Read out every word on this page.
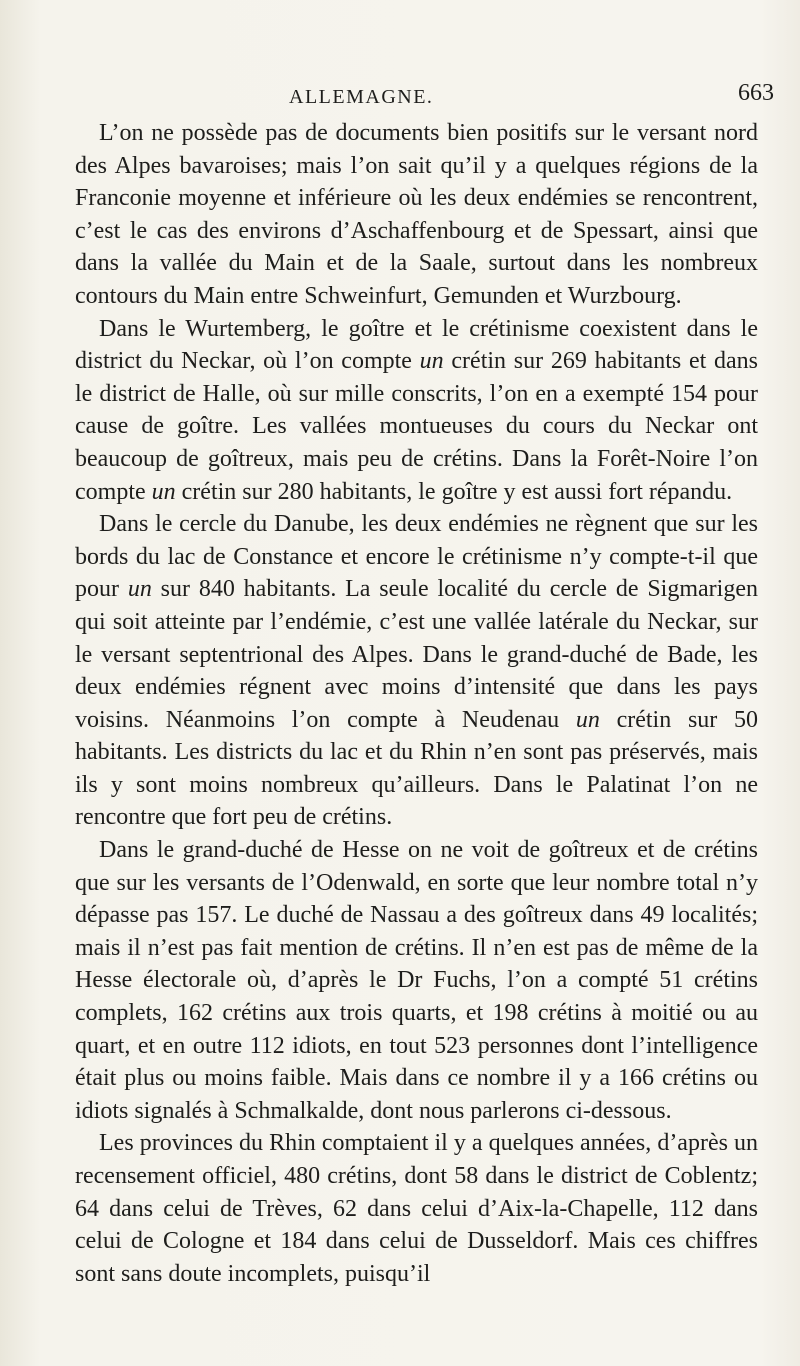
ALLEMAGNE.	663

L’on ne possède pas de documents bien positifs sur le versant nord des Alpes bavaroises; mais l’on sait qu’il y a quelques régions de la Franconie moyenne et inférieure où les deux endémies se rencontrent, c’est le cas des environs d’Aschaffenbourg et de Spessart, ainsi que dans la vallée du Main et de la Saale, surtout dans les nombreux contours du Main entre Schweinfurt, Gemunden et Wurzbourg.

Dans le Wurtemberg, le goître et le crétinisme coexistent dans le district du Neckar, où l’on compte un crétin sur 269 habitants et dans le district de Halle, où sur mille conscrits, l’on en a exempté 154 pour cause de goître. Les vallées montueuses du cours du Neckar ont beaucoup de goîtreux, mais peu de crétins. Dans la Forêt-Noire l’on compte un crétin sur 280 habitants, le goître y est aussi fort répandu.

Dans le cercle du Danube, les deux endémies ne règnent que sur les bords du lac de Constance et encore le crétinisme n’y compte-t-il que pour un sur 840 habitants. La seule localité du cercle de Sigmarigen qui soit atteinte par l’endémie, c’est une vallée latérale du Neckar, sur le versant septentrional des Alpes. Dans le grand-duché de Bade, les deux endémies régnent avec moins d’intensité que dans les pays voisins. Néanmoins l’on compte à Neudenau un crétin sur 50 habitants. Les districts du lac et du Rhin n’en sont pas préservés, mais ils y sont moins nombreux qu’ailleurs. Dans le Palatinat l’on ne rencontre que fort peu de crétins.

Dans le grand-duché de Hesse on ne voit de goîtreux et de crétins que sur les versants de l’Odenwald, en sorte que leur nombre total n’y dépasse pas 157. Le duché de Nassau a des goîtreux dans 49 localités; mais il n’est pas fait mention de crétins. Il n’en est pas de même de la Hesse électorale où, d’après le Dr Fuchs, l’on a compté 51 crétins complets, 162 crétins aux trois quarts, et 198 crétins à moitié ou au quart, et en outre 112 idiots, en tout 523 personnes dont l’intelligence était plus ou moins faible. Mais dans ce nombre il y a 166 crétins ou idiots signalés à Schmalkalde, dont nous parlerons ci-dessous.

Les provinces du Rhin comptaient il y a quelques années, d’après un recensement officiel, 480 crétins, dont 58 dans le district de Coblentz; 64 dans celui de Trèves, 62 dans celui d’Aix-la-Chapelle, 112 dans celui de Cologne et 184 dans celui de Dusseldorf. Mais ces chiffres sont sans doute incomplets, puisqu’il
